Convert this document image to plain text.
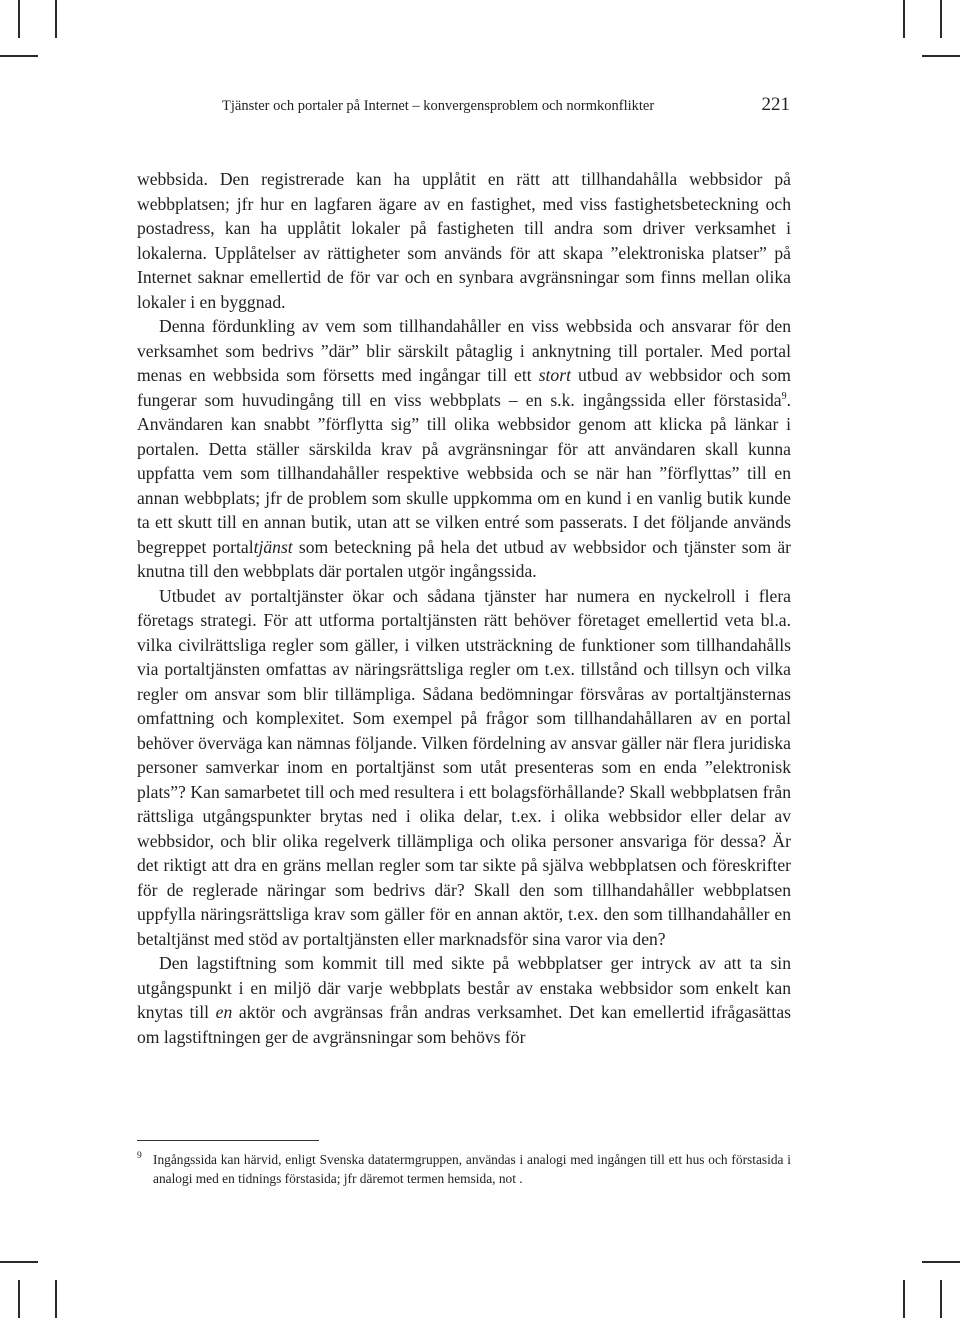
Tjänster och portaler på Internet – konvergensproblem och normkonflikter	221

webbsida. Den registrerade kan ha upplåtit en rätt att tillhandahålla webbsidor på webbplatsen; jfr hur en lagfaren ägare av en fastighet, med viss fastighetsbeteckning och postadress, kan ha upplåtit lokaler på fastigheten till andra som driver verksamhet i lokalerna. Upplåtelser av rättigheter som används för att skapa ”elektroniska platser” på Internet saknar emellertid de för var och en synbara avgränsningar som finns mellan olika lokaler i en byggnad.

Denna fördunkling av vem som tillhandahåller en viss webbsida och ansvarar för den verksamhet som bedrivs ”där” blir särskilt påtaglig i anknytning till portaler. Med portal menas en webbsida som försetts med ingångar till ett stort utbud av webbsidor och som fungerar som huvudingång till en viss webbplats – en s.k. ingångssida eller förstasida$^9$. Användaren kan snabbt ”förflytta sig” till olika webbsidor genom att klicka på länkar i portalen. Detta ställer särskilda krav på avgränsningar för att användaren skall kunna uppfatta vem som tillhandahåller respektive webbsida och se när han ”förflyttas” till en annan webbplats; jfr de problem som skulle uppkomma om en kund i en vanlig butik kunde ta ett skutt till en annan butik, utan att se vilken entré som passerats. I det följande används begreppet portaltjänst som beteckning på hela det utbud av webbsidor och tjänster som är knutna till den webbplats där portalen utgör ingångssida.

Utbudet av portaltjänster ökar och sådana tjänster har numera en nyckelroll i flera företags strategi. För att utforma portaltjänsten rätt behöver företaget emellertid veta bl.a. vilka civilrättsliga regler som gäller, i vilken utsträckning de funktioner som tillhandahålls via portaltjänsten omfattas av näringsrättsliga regler om t.ex. tillstånd och tillsyn och vilka regler om ansvar som blir tillämpliga. Sådana bedömningar försvåras av portaltjänsternas omfattning och komplexitet. Som exempel på frågor som tillhandahållaren av en portal behöver överväga kan nämnas följande. Vilken fördelning av ansvar gäller när flera juridiska personer samverkar inom en portaltjänst som utåt presenteras som en enda ”elektronisk plats”? Kan samarbetet till och med resultera i ett bolagsförhållande? Skall webbplatsen från rättsliga utgångspunkter brytas ned i olika delar, t.ex. i olika webbsidor eller delar av webbsidor, och blir olika regelverk tillämpliga och olika personer ansvariga för dessa? Är det riktigt att dra en gräns mellan regler som tar sikte på själva webbplatsen och föreskrifter för de reglerade näringar som bedrivs där? Skall den som tillhandahåller webbplatsen uppfylla näringsrättsliga krav som gäller för en annan aktör, t.ex. den som tillhandahåller en betaltjänst med stöd av portaltjänsten eller marknadsför sina varor via den?

Den lagstiftning som kommit till med sikte på webbplatser ger intryck av att ta sin utgångspunkt i en miljö där varje webbplats består av enstaka webbsidor som enkelt kan knytas till en aktör och avgränsas från andras verksamhet. Det kan emellertid ifrågasättas om lagstiftningen ger de avgränsningar som behövs för

9 Ingångssida kan härvid, enligt Svenska datatermgruppen, användas i analogi med ingången till ett hus och förstasida i analogi med en tidnings förstasida; jfr däremot termen hemsida, not .
